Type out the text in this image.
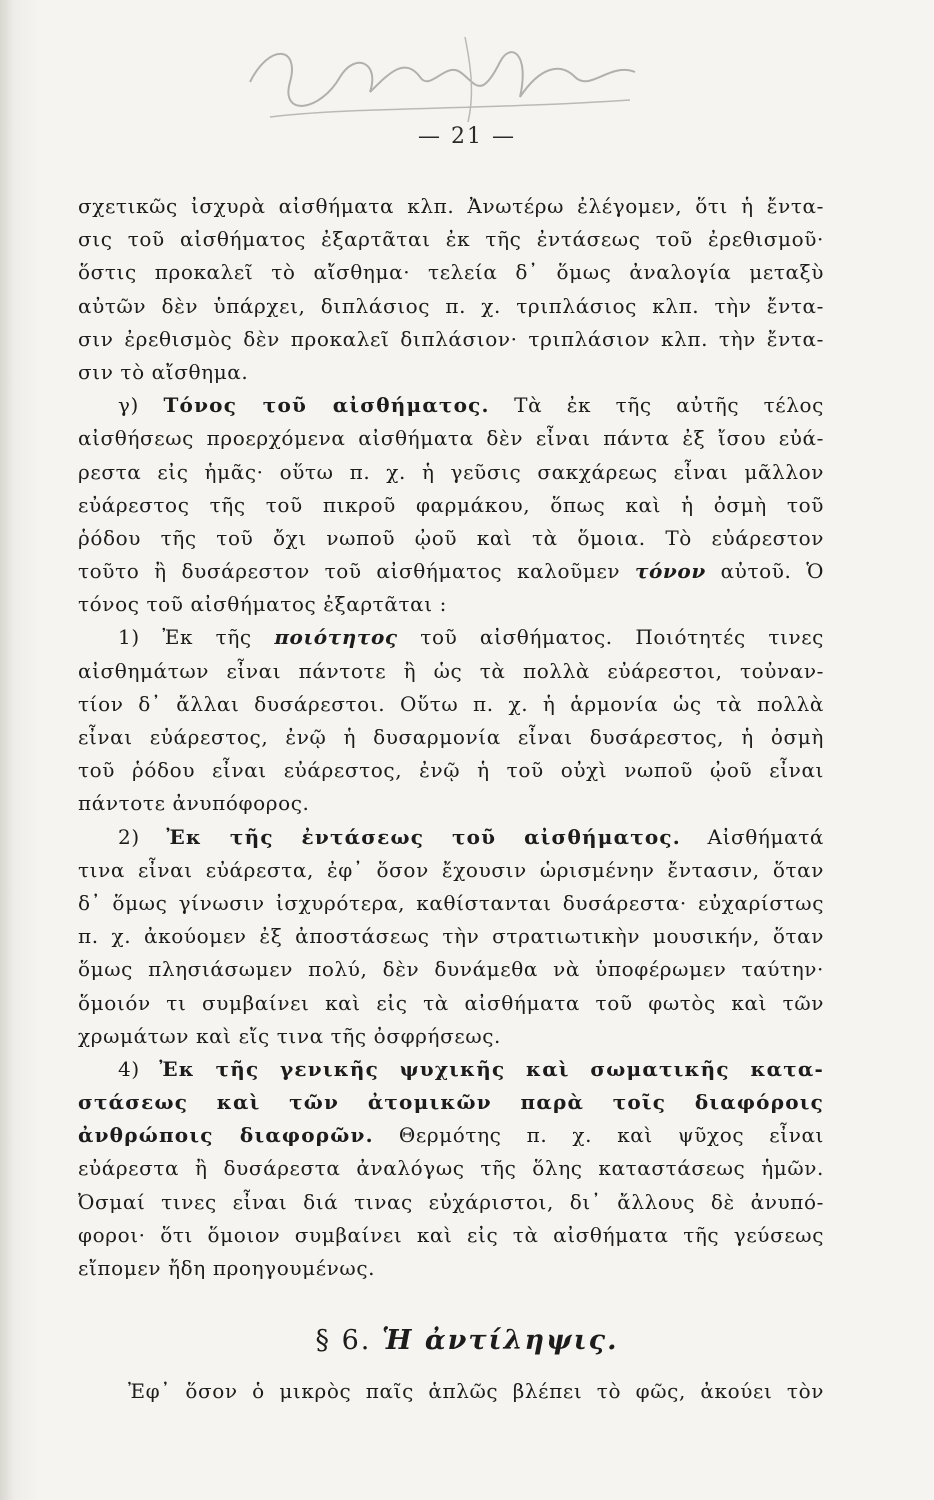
— 21 —
σχετικῶς ἰσχυρὰ αἰσθήματα κλπ. Ἀνωτέρω ἐλέγομεν, ὅτι ἡ ἔντα-
σις τοῦ αἰσθήματος ἐξαρτᾶται ἐκ τῆς ἐντάσεως τοῦ ἐρεθισμοῦ·
ὅστις προκαλεῖ τὸ αἴσθημα· τελεία δ᾿ ὅμως ἀναλογία μεταξὺ
αὐτῶν δὲν ὑπάρχει, διπλάσιος π. χ. τριπλάσιος κλπ. τὴν ἔντα-
σιν ἐρεθισμὸς δὲν προκαλεῖ διπλάσιον· τριπλάσιον κλπ. τὴν ἔντα-
σιν τὸ αἴσθημα.
γ) Τόνος τοῦ αἰσθήματος. Τὰ ἐκ τῆς αὐτῆς τέλος
αἰσθήσεως προερχόμενα αἰσθήματα δὲν εἶναι πάντα ἐξ ἴσου εὐά-
ρεστα εἰς ἡμᾶς· οὕτω π. χ. ἡ γεῦσις σακχάρεως εἶναι μᾶλλον
εὐάρεστος τῆς τοῦ πικροῦ φαρμάκου, ὅπως καὶ ἡ ὀσμὴ τοῦ
ῥόδου τῆς τοῦ ὄχι νωποῦ ᾠοῦ καὶ τὰ ὅμοια. Τὸ εὐάρεστον
τοῦτο ἢ δυσάρεστον τοῦ αἰσθήματος καλοῦμεν τόνον αὐτοῦ. Ὁ
τόνος τοῦ αἰσθήματος ἐξαρτᾶται :
1) Ἐκ τῆς ποιότητος τοῦ αἰσθήματος. Ποιότητές τινες
αἰσθημάτων εἶναι πάντοτε ἢ ὡς τὰ πολλὰ εὐάρεστοι, τοὐναν-
τίον δ᾿ ἄλλαι δυσάρεστοι. Οὕτω π. χ. ἡ ἁρμονία ὡς τὰ πολλὰ
εἶναι εὐάρεστος, ἐνῷ ἡ δυσαρμονία εἶναι δυσάρεστος, ἡ ὀσμὴ
τοῦ ῥόδου εἶναι εὐάρεστος, ἐνῷ ἡ τοῦ οὐχὶ νωποῦ ᾠοῦ εἶναι
πάντοτε ἀνυπόφορος.
2) Ἐκ τῆς ἐντάσεως τοῦ αἰσθήματος. Αἰσθήματά
τινα εἶναι εὐάρεστα, ἐφ᾿ ὅσον ἔχουσιν ὡρισμένην ἔντασιν, ὅταν
δ᾿ ὅμως γίνωσιν ἰσχυρότερα, καθίστανται δυσάρεστα· εὐχαρίστως
π. χ. ἀκούομεν ἐξ ἀποστάσεως τὴν στρατιωτικὴν μουσικήν, ὅταν
ὅμως πλησιάσωμεν πολύ, δὲν δυνάμεθα νὰ ὑποφέρωμεν ταύτην·
ὅμοιόν τι συμβαίνει καὶ εἰς τὰ αἰσθήματα τοῦ φωτὸς καὶ τῶν
χρωμάτων καὶ εἴς τινα τῆς ὀσφρήσεως.
4) Ἐκ τῆς γενικῆς ψυχικῆς καὶ σωματικῆς κατα-
στάσεως καὶ τῶν ἀτομικῶν παρὰ τοῖς διαφόροις
ἀνθρώποις διαφορῶν. Θερμότης π. χ. καὶ ψῦχος εἶναι
εὐάρεστα ἢ δυσάρεστα ἀναλόγως τῆς ὅλης καταστάσεως ἡμῶν.
Ὀσμαί τινες εἶναι διά τινας εὐχάριστοι, δι᾿ ἄλλους δὲ ἀνυπό-
φοροι· ὅτι ὅμοιον συμβαίνει καὶ εἰς τὰ αἰσθήματα τῆς γεύσεως
εἴπομεν ἤδη προηγουμένως.
§ 6. Ἡ ἀντίληψις.
Ἐφ᾿ ὅσον ὁ μικρὸς παῖς ἁπλῶς βλέπει τὸ φῶς, ἀκούει τὸν
